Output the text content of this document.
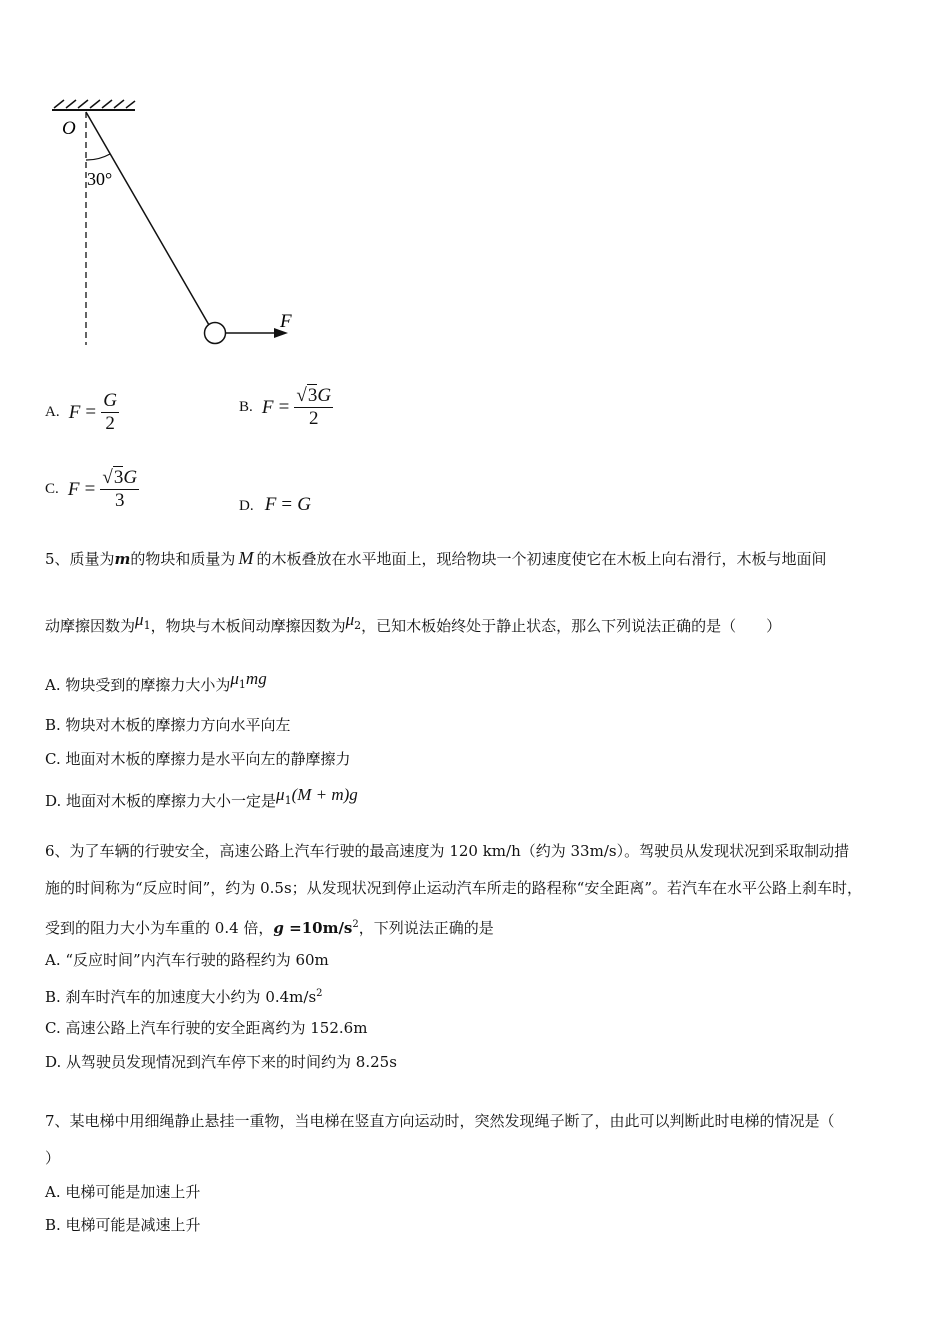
O
30°
F
A. $F = \frac{G}{2}$	B. $F = \frac{√3G}{2}$
C. $F = \frac{√3G}{3}$	D. F = G
5、质量为m的物块和质量为 M 的木板叠放在水平地面上，现给物块一个初速度使它在木板上向右滑行，木板与地面间
动摩擦因数为μ1，物块与木板间动摩擦因数为μ2，已知木板始终处于静止状态，那么下列说法正确的是（　　）
A. 物块受到的摩擦力大小为μ1mg
B. 物块对木板的摩擦力方向水平向左
C. 地面对木板的摩擦力是水平向左的静摩擦力
D. 地面对木板的摩擦力大小一定是μ1(M + m)g
6、为了车辆的行驶安全，高速公路上汽车行驶的最高速度为 120 km/h（约为 33m/s）。驾驶员从发现状况到采取制动措
施的时间称为“反应时间”，约为 0.5s；从发现状况到停止运动汽车所走的路程称“安全距离”。若汽车在水平公路上刹车时，
受到的阻力大小为车重的 0.4 倍，$g =10m/s^2$，下列说法正确的是
A. “反应时间”内汽车行驶的路程约为 60m
B. 刹车时汽车的加速度大小约为 $0.4m/s^2$
C. 高速公路上汽车行驶的安全距离约为 152.6m
D. 从驾驶员发现情况到汽车停下来的时间约为 8.25s
7、某电梯中用细绳静止悬挂一重物，当电梯在竖直方向运动时，突然发现绳子断了，由此可以判断此时电梯的情况是（
）
A. 电梯可能是加速上升
B. 电梯可能是减速上升
